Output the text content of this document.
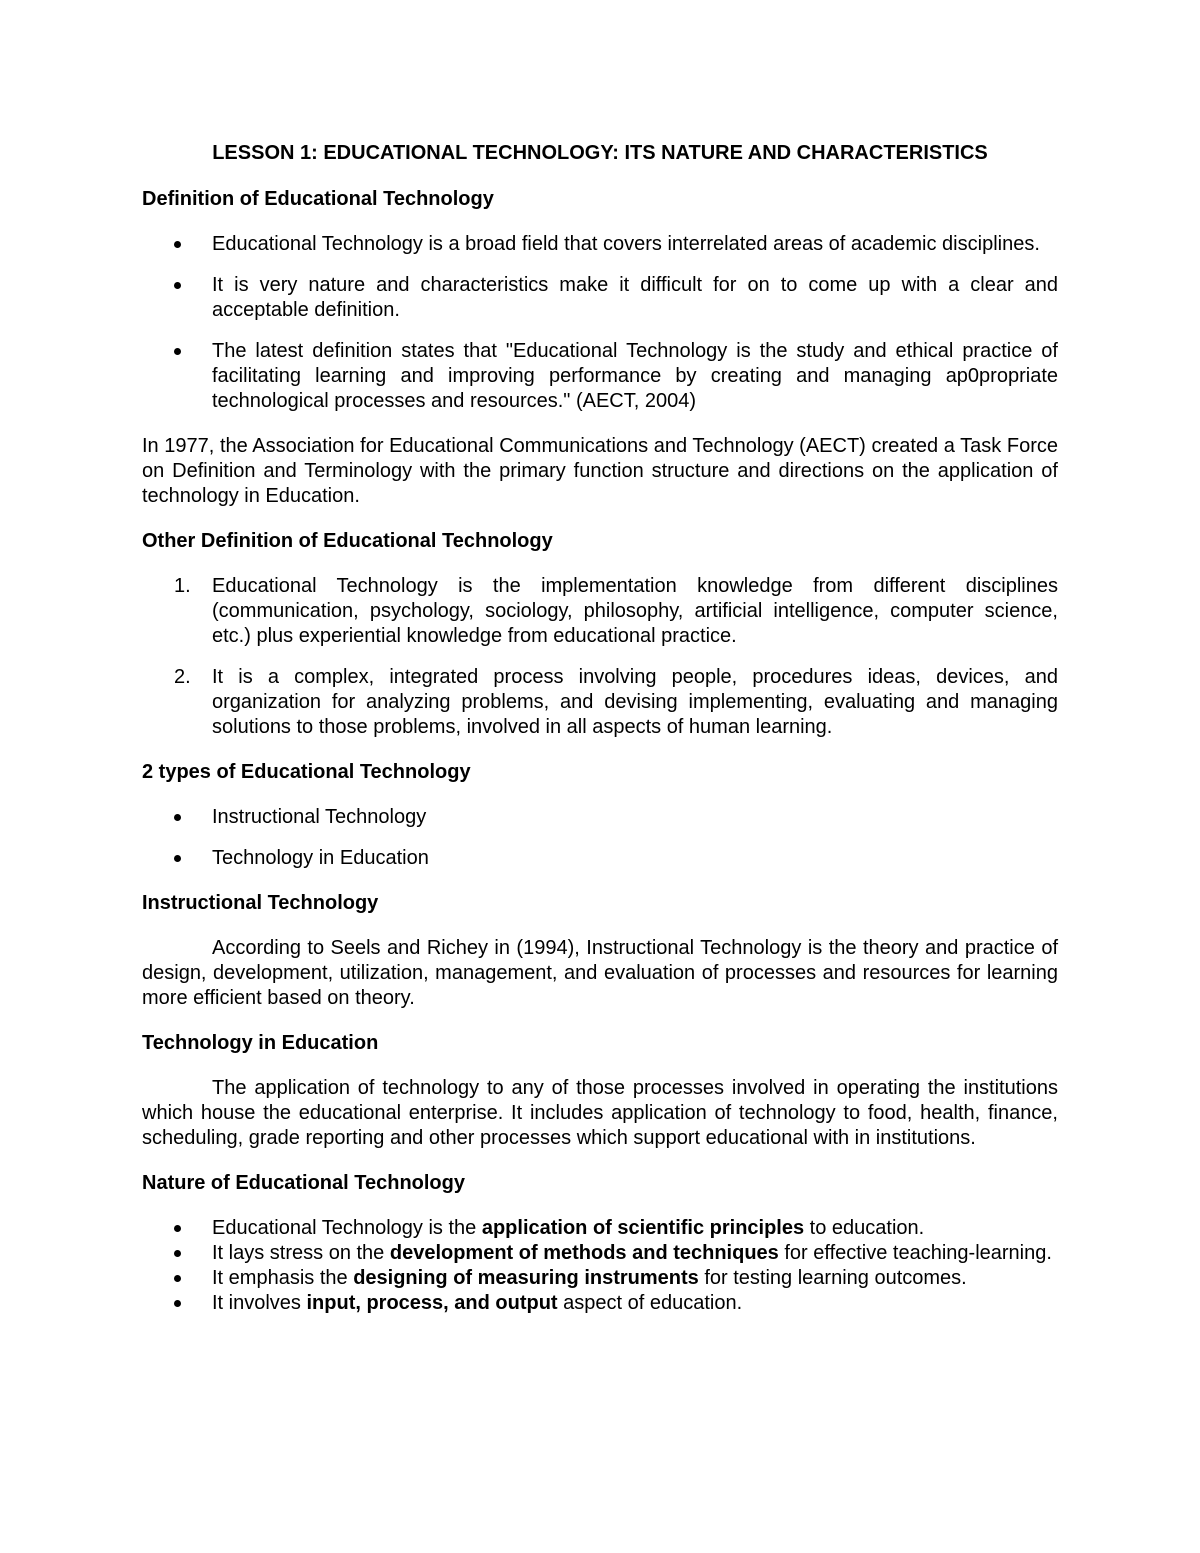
LESSON 1: EDUCATIONAL TECHNOLOGY: ITS NATURE AND CHARACTERISTICS
Definition of Educational Technology
Educational Technology is a broad field that covers interrelated areas of academic disciplines.
It is very nature and characteristics make it difficult for on to come up with a clear and acceptable definition.
The latest definition states that "Educational Technology is the study and ethical practice of facilitating learning and improving performance by creating and managing ap0propriate technological processes and resources." (AECT, 2004)
In 1977, the Association for Educational Communications and Technology (AECT) created a Task Force on Definition and Terminology with the primary function structure and directions on the application of technology in Education.
Other Definition of Educational Technology
1. Educational Technology is the implementation knowledge from different disciplines (communication, psychology, sociology, philosophy, artificial intelligence, computer science, etc.) plus experiential knowledge from educational practice.
2. It is a complex, integrated process involving people, procedures ideas, devices, and organization for analyzing problems, and devising implementing, evaluating and managing solutions to those problems, involved in all aspects of human learning.
2 types of Educational Technology
Instructional Technology
Technology in Education
Instructional Technology
According to Seels and Richey in (1994), Instructional Technology is the theory and practice of design, development, utilization, management, and evaluation of processes and resources for learning more efficient based on theory.
Technology in Education
The application of technology to any of those processes involved in operating the institutions which house the educational enterprise. It includes application of technology to food, health, finance, scheduling, grade reporting and other processes which support educational with in institutions.
Nature of Educational Technology
Educational Technology is the application of scientific principles to education.
It lays stress on the development of methods and techniques for effective teaching-learning.
It emphasis the designing of measuring instruments for testing learning outcomes.
It involves input, process, and output aspect of education.
